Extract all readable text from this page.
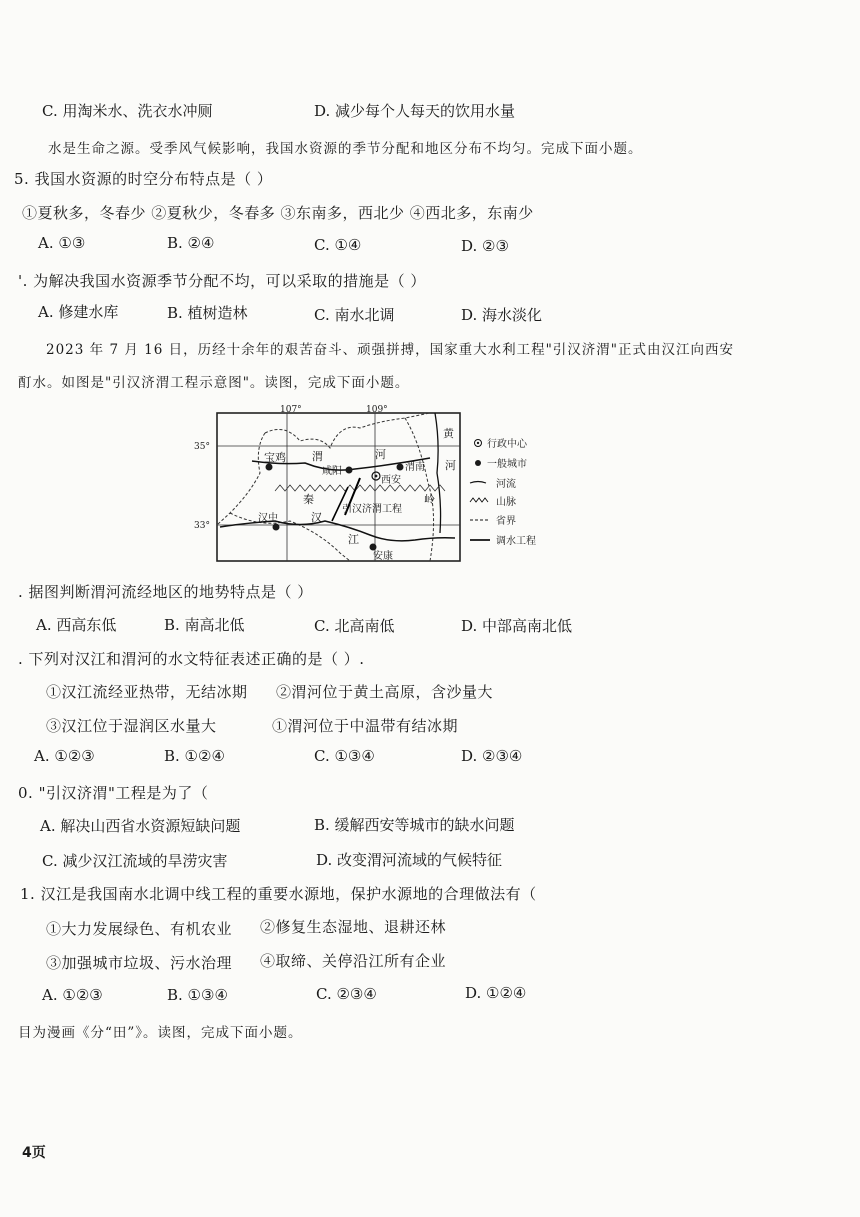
C. 用淘米水、洗衣水冲厕	D. 减少每个人每天的饮用水量
水是生命之源。受季风气候影响，我国水资源的季节分配和地区分布不均匀。完成下面小题。
5. 我国水资源的时空分布特点是（ ）
①夏秋多，冬春少 ②夏秋少，冬春多 ③东南多，西北少 ④西北多，东南少
A. ①③	B. ②④	C. ①④	D. ②③
'. 为解决我国水资源季节分配不均，可以采取的措施是（ ）
A. 修建水库	B. 植树造林	C. 南水北调	D. 海水淡化
2023 年 7 月 16 日，历经十余年的艰苦奋斗、顽强拼搏，国家重大水利工程"引汉济渭"正式由汉江向西安
酊水。如图是"引汉济渭工程示意图"。读图，完成下面小题。
107°	109°
35°
33°
宝鸡 渭	河
咸阳	渭南
西安
秦	岭
汉中	汉
江
安康
黄
河
引汉济渭工程
行政中心
一般城市
河流
山脉
省界
调水工程
. 据图判断渭河流经地区的地势特点是（ ）
A. 西高东低	B. 南高北低	C. 北高南低	D. 中部高南北低
. 下列对汉江和渭河的水文特征表述正确的是（ ）.
①汉江流经亚热带，无结冰期 ②渭河位于黄土高原，含沙量大
③汉江位于湿润区水量大	①渭河位于中温带有结冰期
A. ①②③	B. ①②④	C. ①③④	D. ②③④
0. "引汉济渭"工程是为了（
A. 解决山西省水资源短缺问题	B. 缓解西安等城市的缺水问题
C. 减少汉江流域的旱涝灾害	D. 改变渭河流域的气候特征
1. 汉江是我国南水北调中线工程的重要水源地，保护水源地的合理做法有（
①大力发展绿色、有机农业 ②修复生态湿地、退耕还林
③加强城市垃圾、污水治理 ④取缔、关停沿江所有企业
A. ①②③	B. ①③④	C. ②③④	D. ①②④
目为漫画《分“田”》。读图，完成下面小题。
4页
